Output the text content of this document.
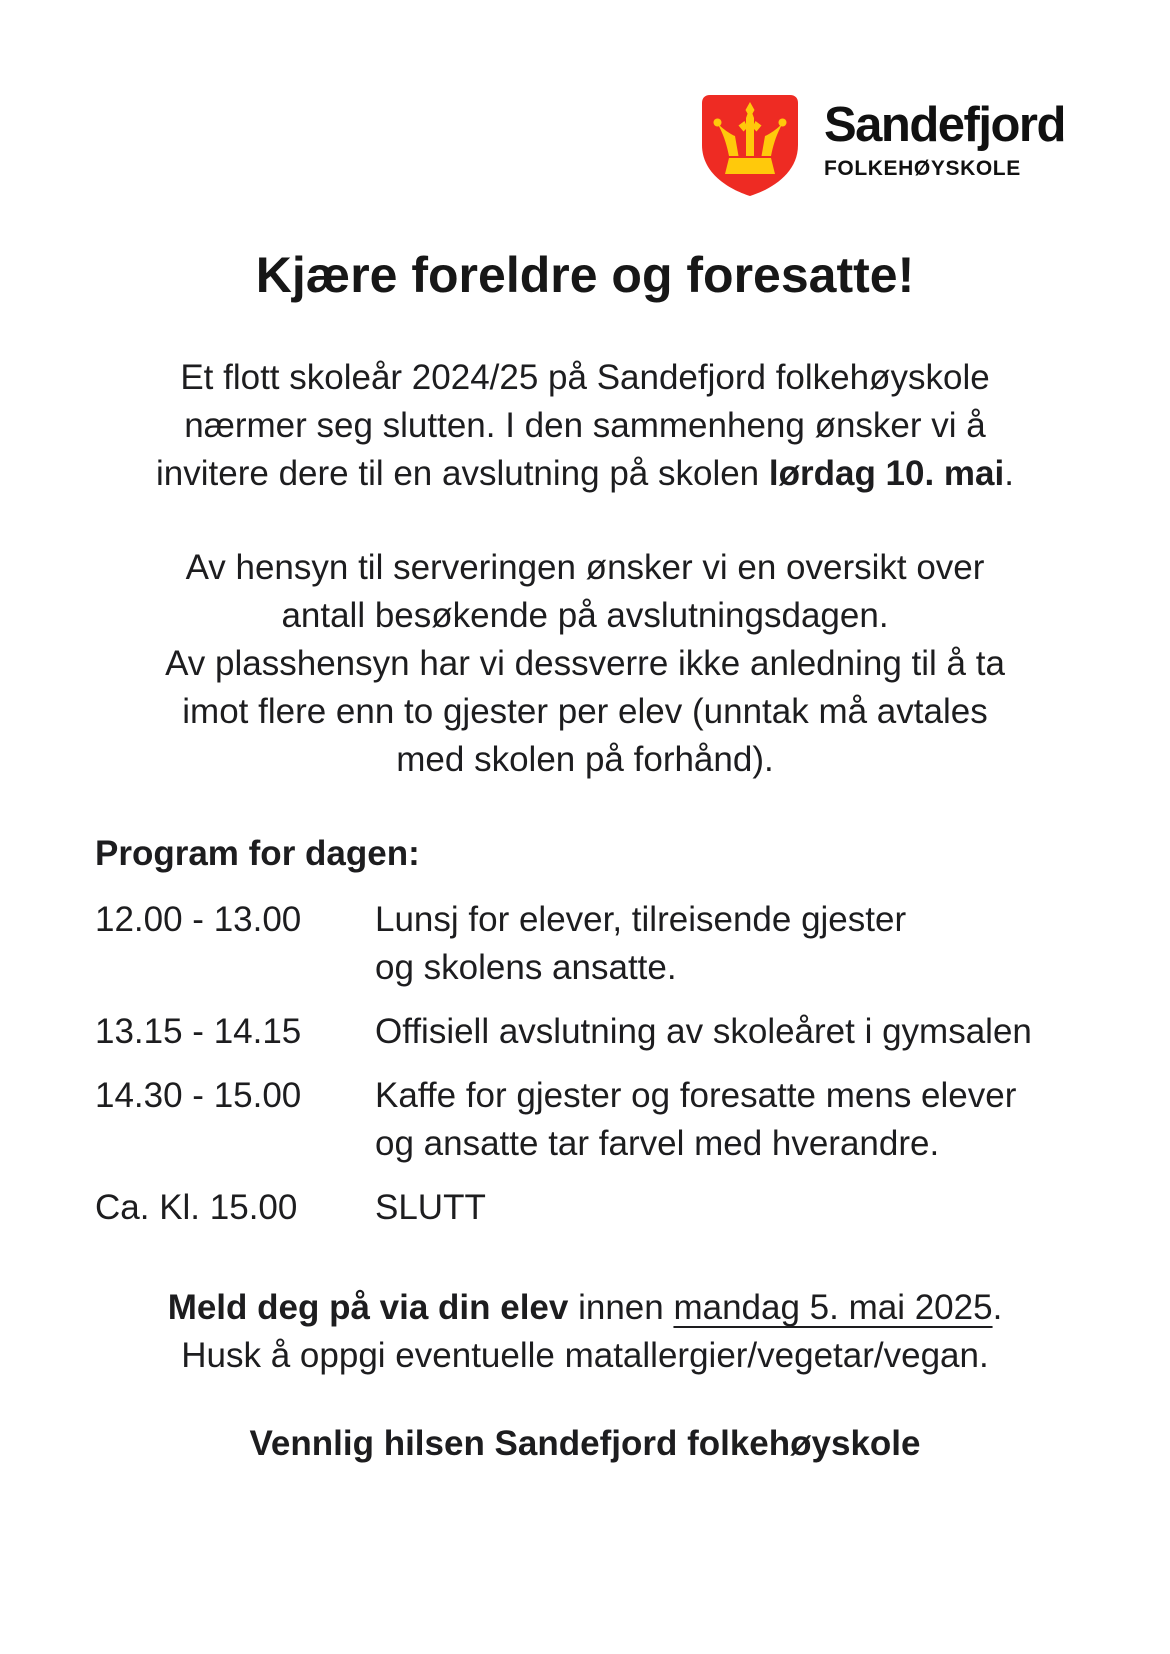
Sandefjord
FOLKEHØYSKOLE
Kjære foreldre og foresatte!
Et flott skoleår 2024/25 på Sandefjord folkehøyskole
nærmer seg slutten. I den sammenheng ønsker vi å
invitere dere til en avslutning på skolen lørdag 10. mai.
Av hensyn til serveringen ønsker vi en oversikt over
antall besøkende på avslutningsdagen.
Av plasshensyn har vi dessverre ikke anledning til å ta
imot flere enn to gjester per elev (unntak må avtales
med skolen på forhånd).
Program for dagen:
12.00 - 13.00	Lunsj for elever, tilreisende gjester
og skolens ansatte.
13.15 - 14.15	Offisiell avslutning av skoleåret i gymsalen
14.30 - 15.00	Kaffe for gjester og foresatte mens elever
og ansatte tar farvel med hverandre.
Ca. Kl. 15.00	SLUTT
Meld deg på via din elev innen mandag 5. mai 2025.
Husk å oppgi eventuelle matallergier/vegetar/vegan.
Vennlig hilsen Sandefjord folkehøyskole
